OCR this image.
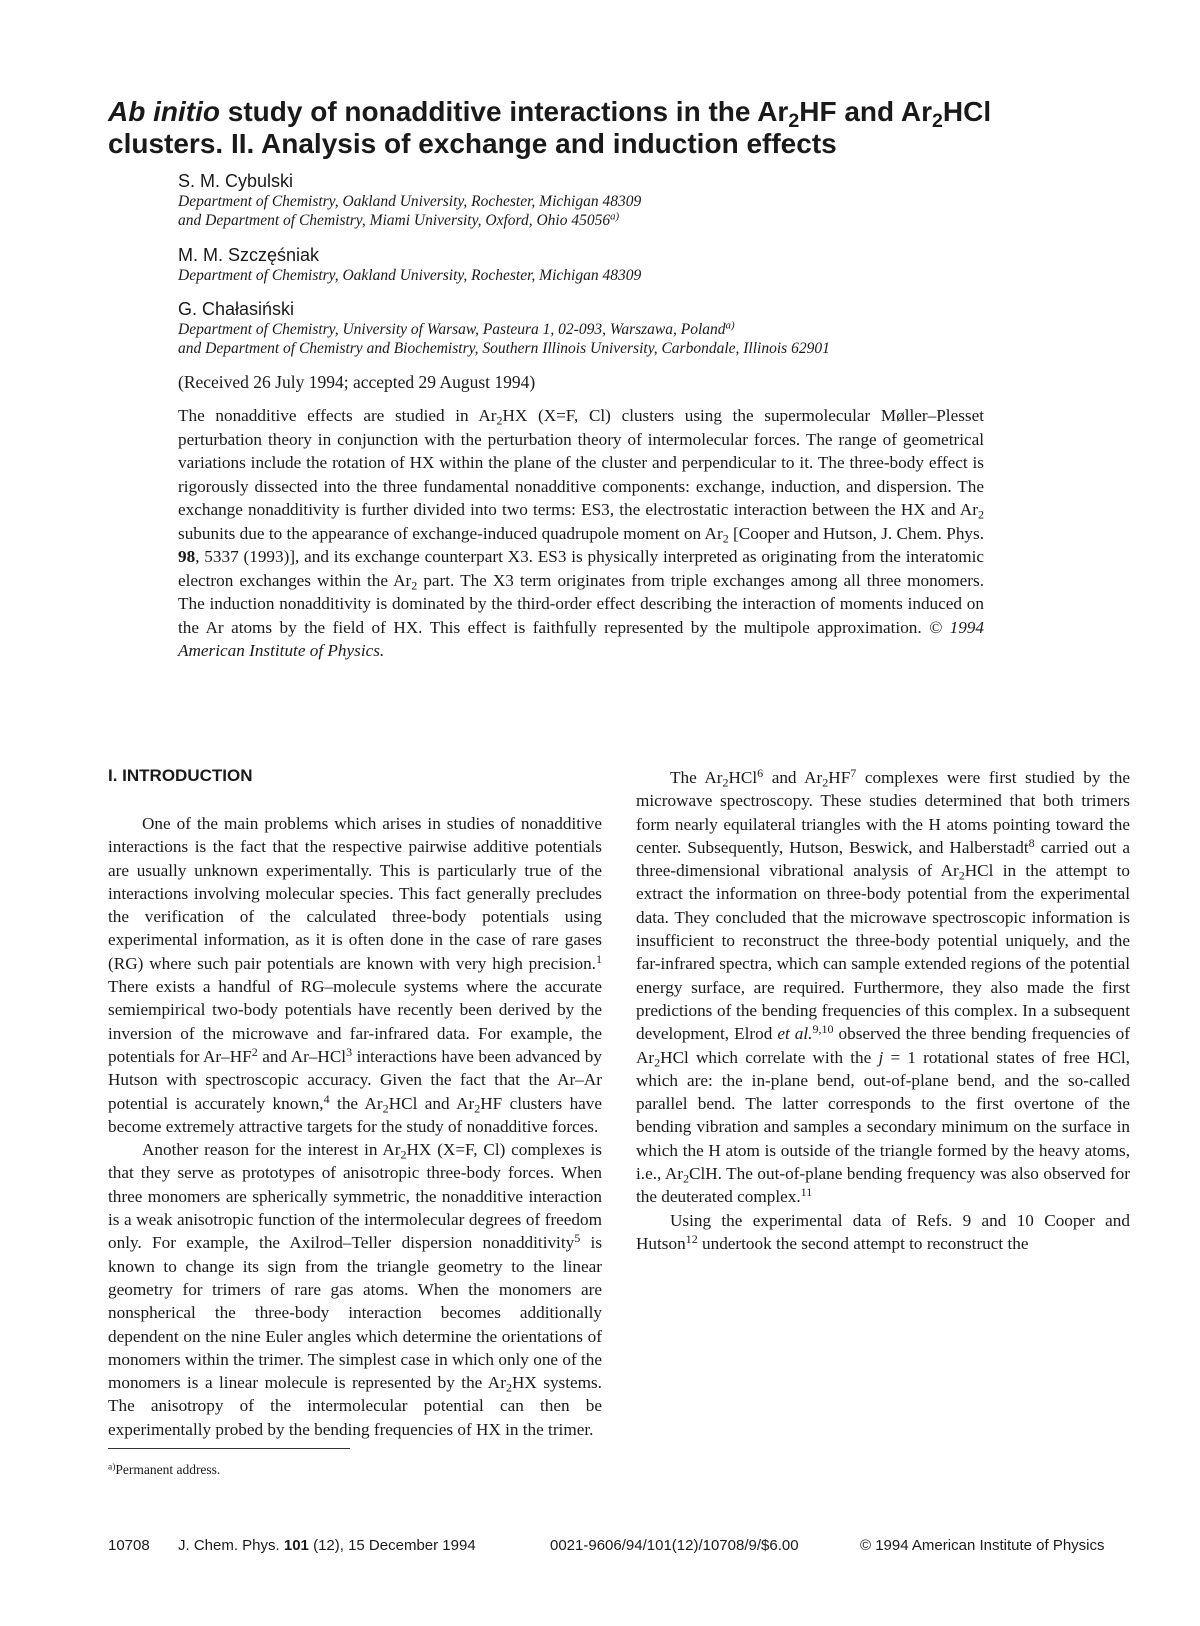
Ab initio study of nonadditive interactions in the $Ar_2HF$ and $Ar_2HCl$
clusters. II. Analysis of exchange and induction effects
S. M. Cybulski
Department of Chemistry, Oakland University, Rochester, Michigan 48309
and Department of Chemistry, Miami University, Oxford, Ohio 45056$^{a)}$
M. M. Szczęśniak
Department of Chemistry, Oakland University, Rochester, Michigan 48309
G. Chałasiński
Department of Chemistry, University of Warsaw, Pasteura 1, 02-093, Warszawa, Poland$^{a)}$
and Department of Chemistry and Biochemistry, Southern Illinois University, Carbondale, Illinois 62901
(Received 26 July 1994; accepted 29 August 1994)

The nonadditive effects are studied in $Ar_2HX$ (X=F, Cl) clusters using the supermolecular Møller–Plesset perturbation theory in conjunction with the perturbation theory of intermolecular forces. The range of geometrical variations include the rotation of HX within the plane of the cluster and perpendicular to it. The three-body effect is rigorously dissected into the three fundamental nonadditive components: exchange, induction, and dispersion. The exchange nonadditivity is further divided into two terms: ES3, the electrostatic interaction between the HX and $Ar_2$ subunits due to the appearance of exchange-induced quadrupole moment on $Ar_2$ [Cooper and Hutson, J. Chem. Phys. 98, 5337 (1993)], and its exchange counterpart X3. ES3 is physically interpreted as originating from the interatomic electron exchanges within the $Ar_2$ part. The X3 term originates from triple exchanges among all three monomers. The induction nonadditivity is dominated by the third-order effect describing the interaction of moments induced on the Ar atoms by the field of HX. This effect is faithfully represented by the multipole approximation. © 1994 American Institute of Physics.

I. INTRODUCTION

One of the main problems which arises in studies of nonadditive interactions is the fact that the respective pairwise additive potentials are usually unknown experimentally. This is particularly true of the interactions involving molecular species. This fact generally precludes the verification of the calculated three-body potentials using experimental information, as it is often done in the case of rare gases (RG) where such pair potentials are known with very high precision.$^1$ There exists a handful of RG–molecule systems where the accurate semiempirical two-body potentials have recently been derived by the inversion of the microwave and far-infrared data. For example, the potentials for $Ar-HF^2$ and Ar–HCl$^3$ interactions have been advanced by Hutson with spectroscopic accuracy. Given the fact that the Ar–Ar potential is accurately known,$^4$ the $Ar_2HCl$ and $Ar_2HF$ clusters have become extremely attractive targets for the study of nonadditive forces.

Another reason for the interest in $Ar_2HX$ (X=F, Cl) complexes is that they serve as prototypes of anisotropic three-body forces. When three monomers are spherically symmetric, the nonadditive interaction is a weak anisotropic function of the intermolecular degrees of freedom only. For example, the Axilrod–Teller dispersion nonadditivity$^5$ is known to change its sign from the triangle geometry to the linear geometry for trimers of rare gas atoms. When the monomers are nonspherical the three-body interaction becomes additionally dependent on the nine Euler angles which determine the orientations of monomers within the trimer. The simplest case in which only one of the monomers is a linear molecule is represented by the $Ar_2HX$ systems. The anisotropy of the intermolecular potential can then be experimentally probed by the bending frequencies of HX in the trimer.

The $Ar_2HCl^6$ and $Ar_2HF^7$ complexes were first studied by the microwave spectroscopy. These studies determined that both trimers form nearly equilateral triangles with the H atoms pointing toward the center. Subsequently, Hutson, Beswick, and Halberstadt$^8$ carried out a three-dimensional vibrational analysis of $Ar_2HCl$ in the attempt to extract the information on three-body potential from the experimental data. They concluded that the microwave spectroscopic information is insufficient to reconstruct the three-body potential uniquely, and the far-infrared spectra, which can sample extended regions of the potential energy surface, are required. Furthermore, they also made the first predictions of the bending frequencies of this complex. In a subsequent development, Elrod et al.$^{9,10}$ observed the three bending frequencies of $Ar_2HCl$ which correlate with the j = 1 rotational states of free HCl, which are: the in-plane bend, out-of-plane bend, and the so-called parallel bend. The latter corresponds to the first overtone of the bending vibration and samples a secondary minimum on the surface in which the H atom is outside of the triangle formed by the heavy atoms, i.e., $Ar_2ClH$. The out-of-plane bending frequency was also observed for the deuterated complex.$^{11}$

Using the experimental data of Refs. 9 and 10 Cooper and Hutson$^{12}$ undertook the second attempt to reconstruct the

$^{a)}$Permanent address.
10708 J. Chem. Phys. 101 (12), 15 December 1994	0021-9606/94/101(12)/10708/9/$6.00	© 1994 American Institute of Physics
